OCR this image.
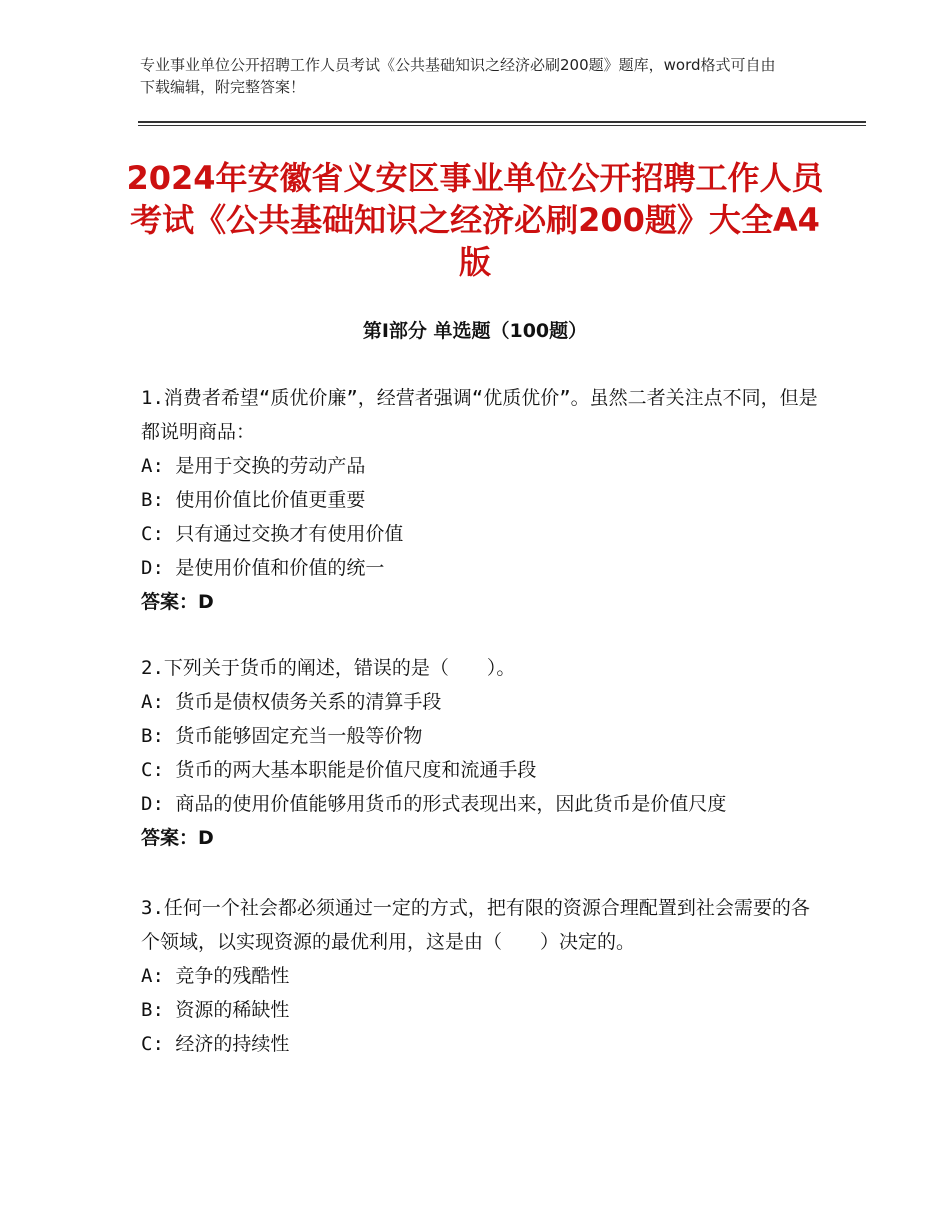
专业事业单位公开招聘工作人员考试《公共基础知识之经济必刷200题》题库，word格式可自由下载编辑，附完整答案！
2024年安徽省义安区事业单位公开招聘工作人员考试《公共基础知识之经济必刷200题》大全A4版
第Ⅰ部分 单选题（100题）
1.消费者希望“质优价廉”，经营者强调“优质优价”。虽然二者关注点不同，但是都说明商品：
A: 是用于交换的劳动产品
B: 使用价值比价值更重要
C: 只有通过交换才有使用价值
D: 是使用价值和价值的统一
答案：D
2.下列关于货币的阐述，错误的是（　　）。
A: 货币是债权债务关系的清算手段
B: 货币能够固定充当一般等价物
C: 货币的两大基本职能是价值尺度和流通手段
D: 商品的使用价值能够用货币的形式表现出来，因此货币是价值尺度
答案：D
3.任何一个社会都必须通过一定的方式，把有限的资源合理配置到社会需要的各个领域，以实现资源的最优利用，这是由（　　）决定的。
A: 竞争的残酷性
B: 资源的稀缺性
C: 经济的持续性
